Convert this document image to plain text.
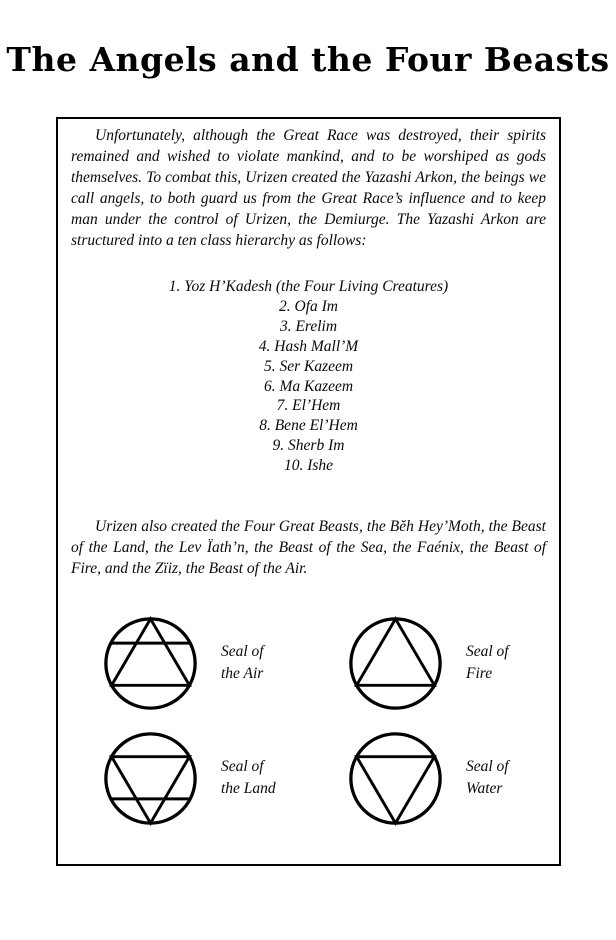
The Angels and the Four Beasts

Unfortunately, although the Great Race was destroyed, their spirits remained and wished to violate mankind, and to be worshiped as gods themselves. To combat this, Urizen created the Yazashi Arkon, the beings we call angels, to both guard us from the Great Race’s influence and to keep man under the control of Urizen, the Demiurge. The Yazashi Arkon are structured into a ten class hierarchy as follows:

1. Yoz H’Kadesh (the Four Living Creatures)
2. Ofa Im
3. Erelim
4. Hash Mall’M
5. Ser Kazeem
6. Ma Kazeem
7. El’Hem
8. Bene El’Hem
9. Sherb Im
10. Ishe

Urizen also created the Four Great Beasts, the Bĕh Hey’Moth, the Beast of the Land, the Lev Ïath’n, the Beast of the Sea, the Faénix, the Beast of Fire, and the Zïiz, the Beast of the Air.

Seal of
the Air
Seal of
Fire
Seal of
the Land
Seal of
Water
